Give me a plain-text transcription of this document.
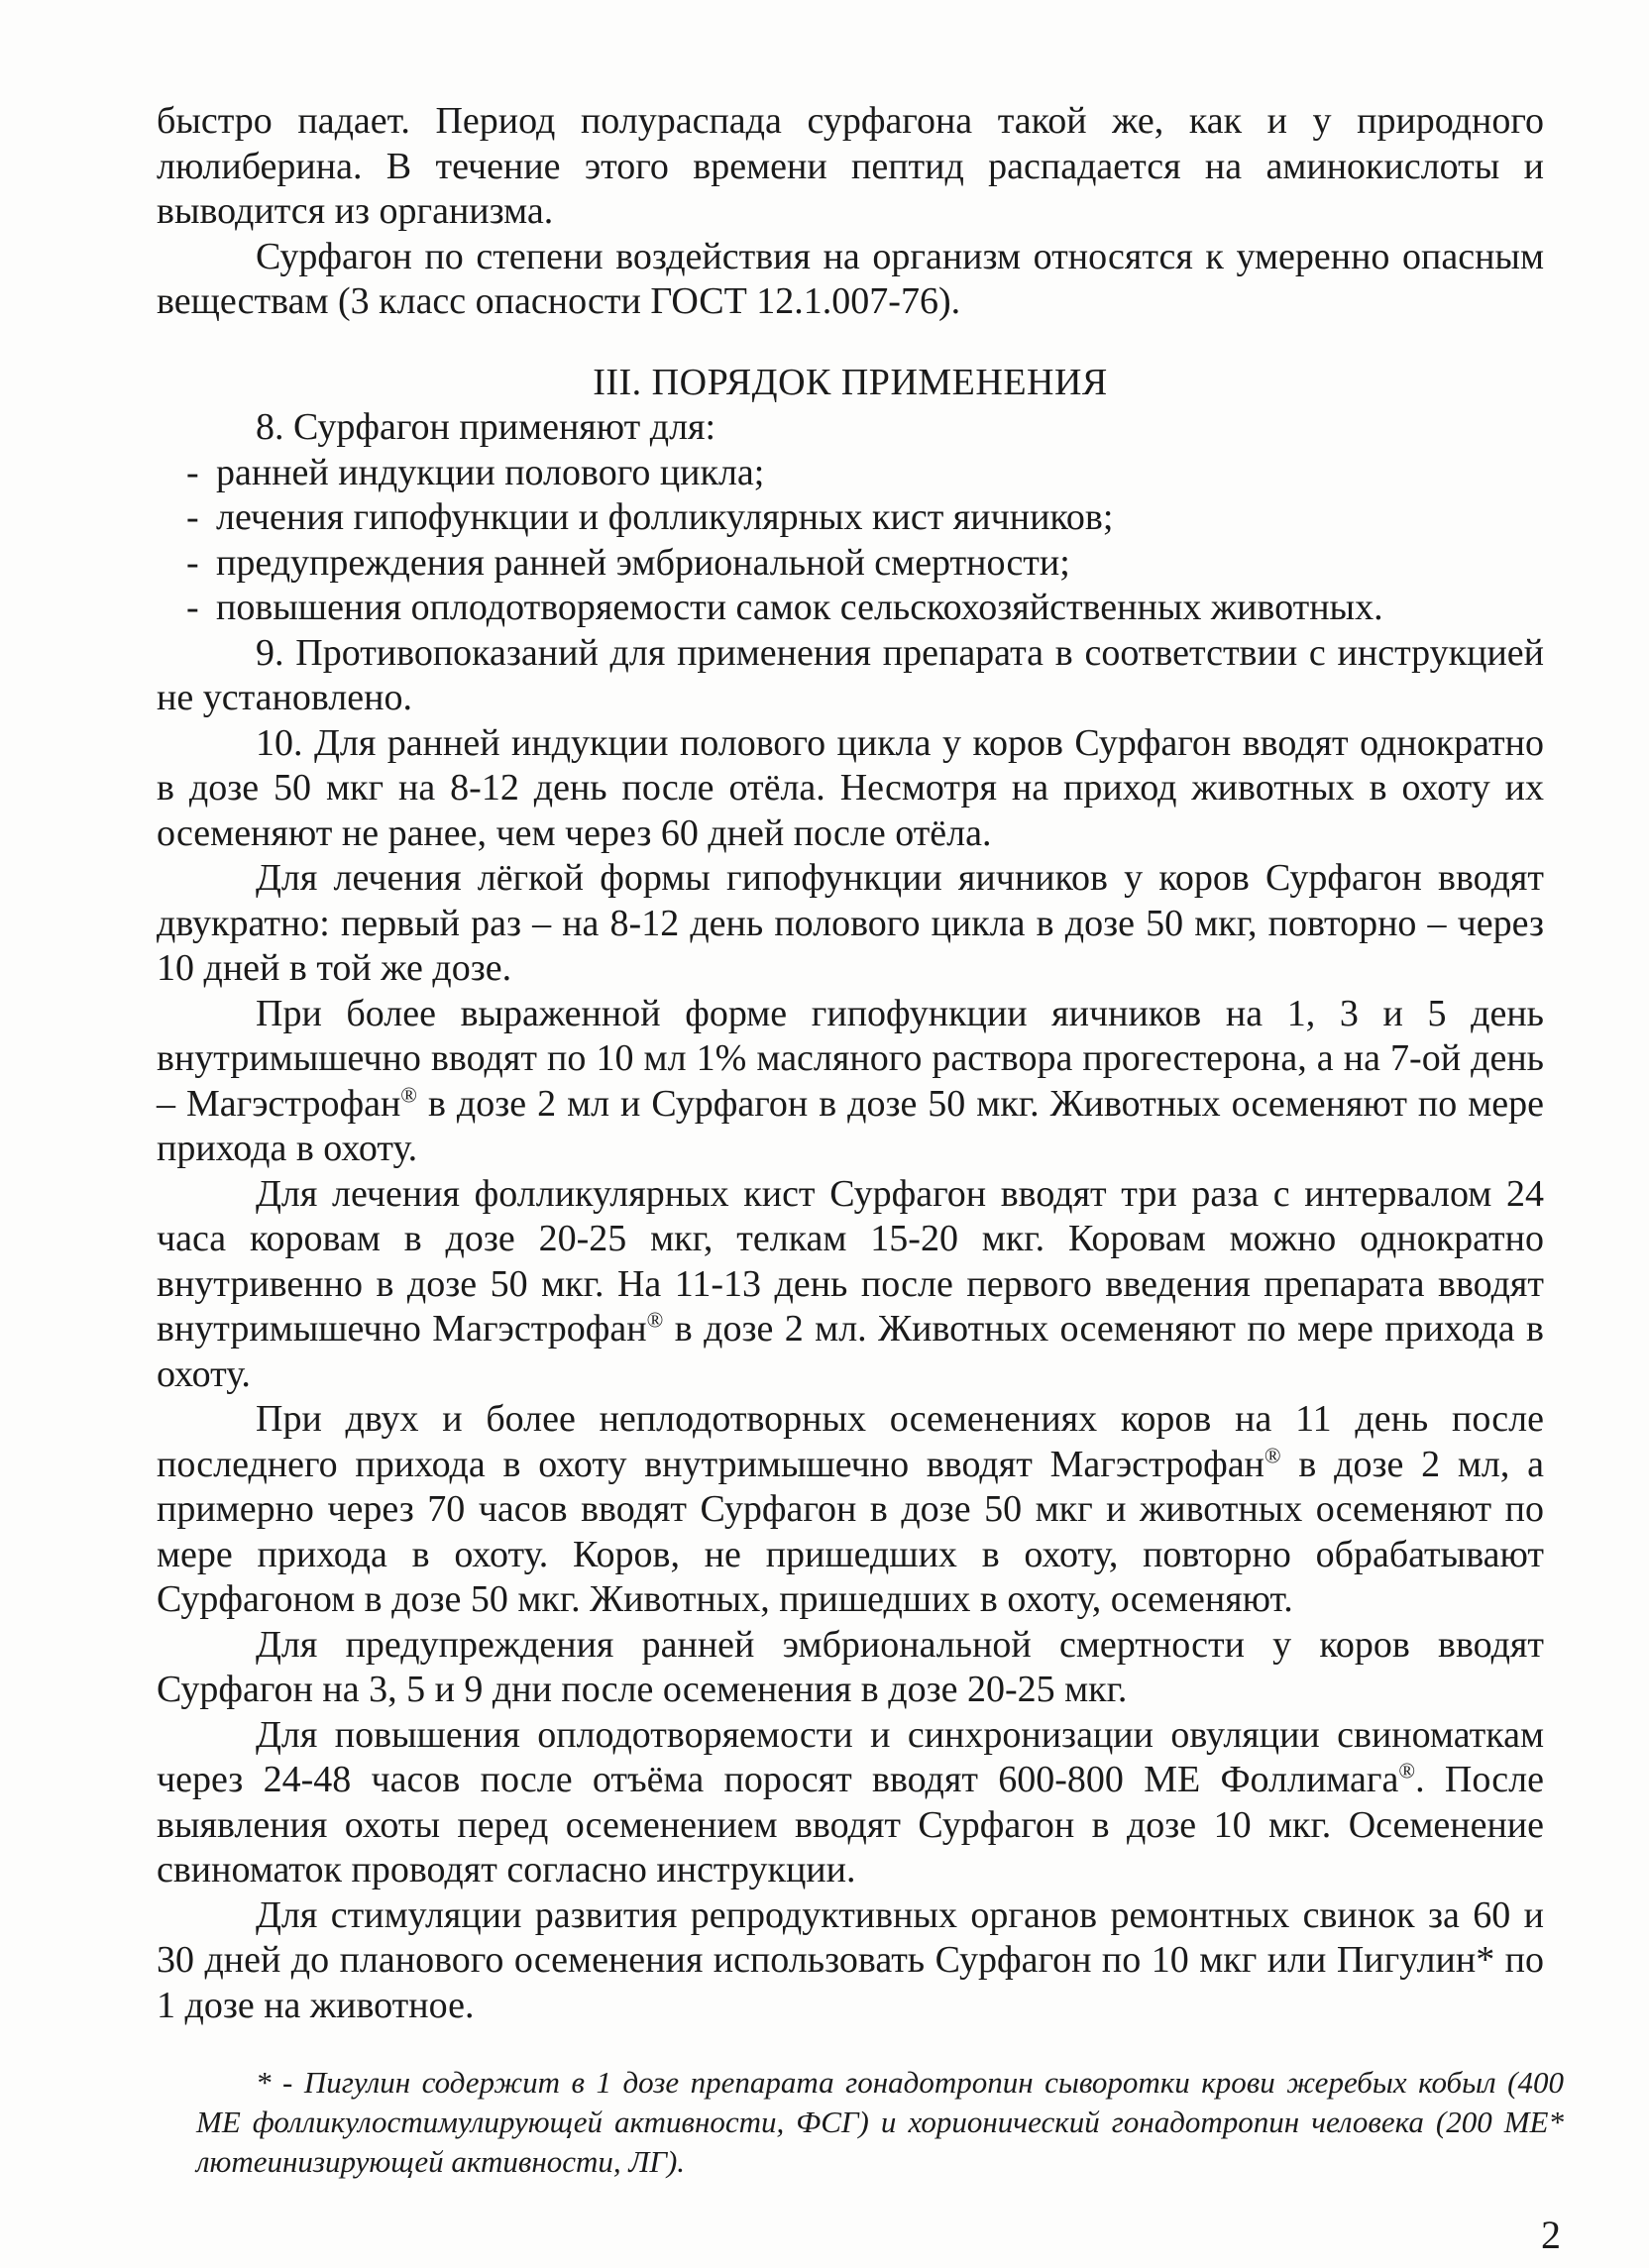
быстро падает. Период полураспада сурфагона такой же, как и у природного люлиберина. В течение этого времени пептид распадается на аминокислоты и выводится из организма.

Сурфагон по степени воздействия на организм относятся к умеренно опасным веществам (3 класс опасности ГОСТ 12.1.007-76).

III. ПОРЯДОК ПРИМЕНЕНИЯ

8. Сурфагон применяют для:

- ранней индукции полового цикла;
- лечения гипофункции и фолликулярных кист яичников;
- предупреждения ранней эмбриональной смертности;
- повышения оплодотворяемости самок сельскохозяйственных животных.

9. Противопоказаний для применения препарата в соответствии с инструкцией не установлено.

10. Для ранней индукции полового цикла у коров Сурфагон вводят однократно в дозе 50 мкг на 8-12 день после отёла. Несмотря на приход животных в охоту их осеменяют не ранее, чем через 60 дней после отёла.

Для лечения лёгкой формы гипофункции яичников у коров Сурфагон вводят двукратно: первый раз – на 8-12 день полового цикла в дозе 50 мкг, повторно – через 10 дней в той же дозе.

При более выраженной форме гипофункции яичников на 1, 3 и 5 день внутримышечно вводят по 10 мл 1% масляного раствора прогестерона, а на 7-ой день – Магэстрофан® в дозе 2 мл и Сурфагон в дозе 50 мкг. Животных осеменяют по мере прихода в охоту.

Для лечения фолликулярных кист Сурфагон вводят три раза с интервалом 24 часа коровам в дозе 20-25 мкг, телкам 15-20 мкг. Коровам можно однократно внутривенно в дозе 50 мкг. На 11-13 день после первого введения препарата вводят внутримышечно Магэстрофан® в дозе 2 мл. Животных осеменяют по мере прихода в охоту.

При двух и более неплодотворных осеменениях коров на 11 день после последнего прихода в охоту внутримышечно вводят Магэстрофан® в дозе 2 мл, а примерно через 70 часов вводят Сурфагон в дозе 50 мкг и животных осеменяют по мере прихода в охоту. Коров, не пришедших в охоту, повторно обрабатывают Сурфагоном в дозе 50 мкг. Животных, пришедших в охоту, осеменяют.

Для предупреждения ранней эмбриональной смертности у коров вводят Сурфагон на 3, 5 и 9 дни после осеменения в дозе 20-25 мкг.

Для повышения оплодотворяемости и синхронизации овуляции свиноматкам через 24-48 часов после отъёма поросят вводят 600-800 МЕ Фоллимага®. После выявления охоты перед осеменением вводят Сурфагон в дозе 10 мкг. Осеменение свиноматок проводят согласно инструкции.

Для стимуляции развития репродуктивных органов ремонтных свинок за 60 и 30 дней до планового осеменения использовать Сурфагон по 10 мкг или Пигулин* по 1 дозе на животное.

* - Пигулин содержит в 1 дозе препарата гонадотропин сыворотки крови жеребых кобыл (400 МЕ фолликулостимулирующей активности, ФСГ) и хорионический гонадотропин человека (200 МЕ* лютеинизирующей активности, ЛГ).
2
